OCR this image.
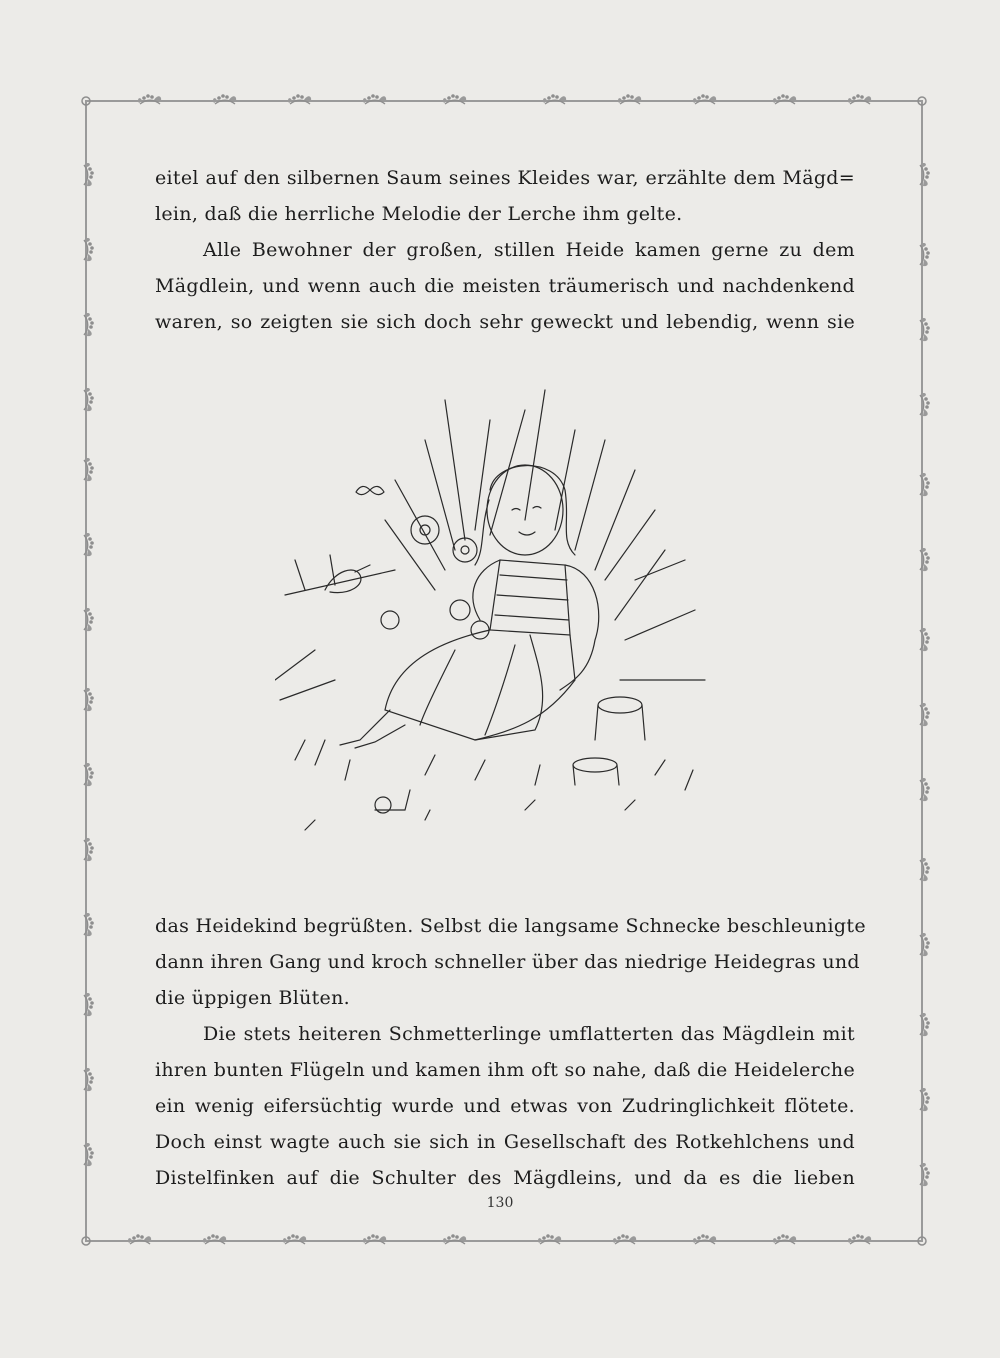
eitel auf den silbernen Saum seines Kleides war, erzählte dem Mägd=
lein, daß die herrliche Melodie der Lerche ihm gelte.
Alle Bewohner der großen, stillen Heide kamen gerne zu dem
Mägdlein, und wenn auch die meisten träumerisch und nachdenkend
waren, so zeigten sie sich doch sehr geweckt und lebendig, wenn sie
das Heidekind begrüßten. Selbst die langsame Schnecke beschleunigte
dann ihren Gang und kroch schneller über das niedrige Heidegras und
die üppigen Blüten.
Die stets heiteren Schmetterlinge umflatterten das Mägdlein mit
ihren bunten Flügeln und kamen ihm oft so nahe, daß die Heidelerche
ein wenig eifersüchtig wurde und etwas von Zudringlichkeit flötete.
Doch einst wagte auch sie sich in Gesellschaft des Rotkehlchens und
Distelfinken auf die Schulter des Mägdleins, und da es die lieben
130
